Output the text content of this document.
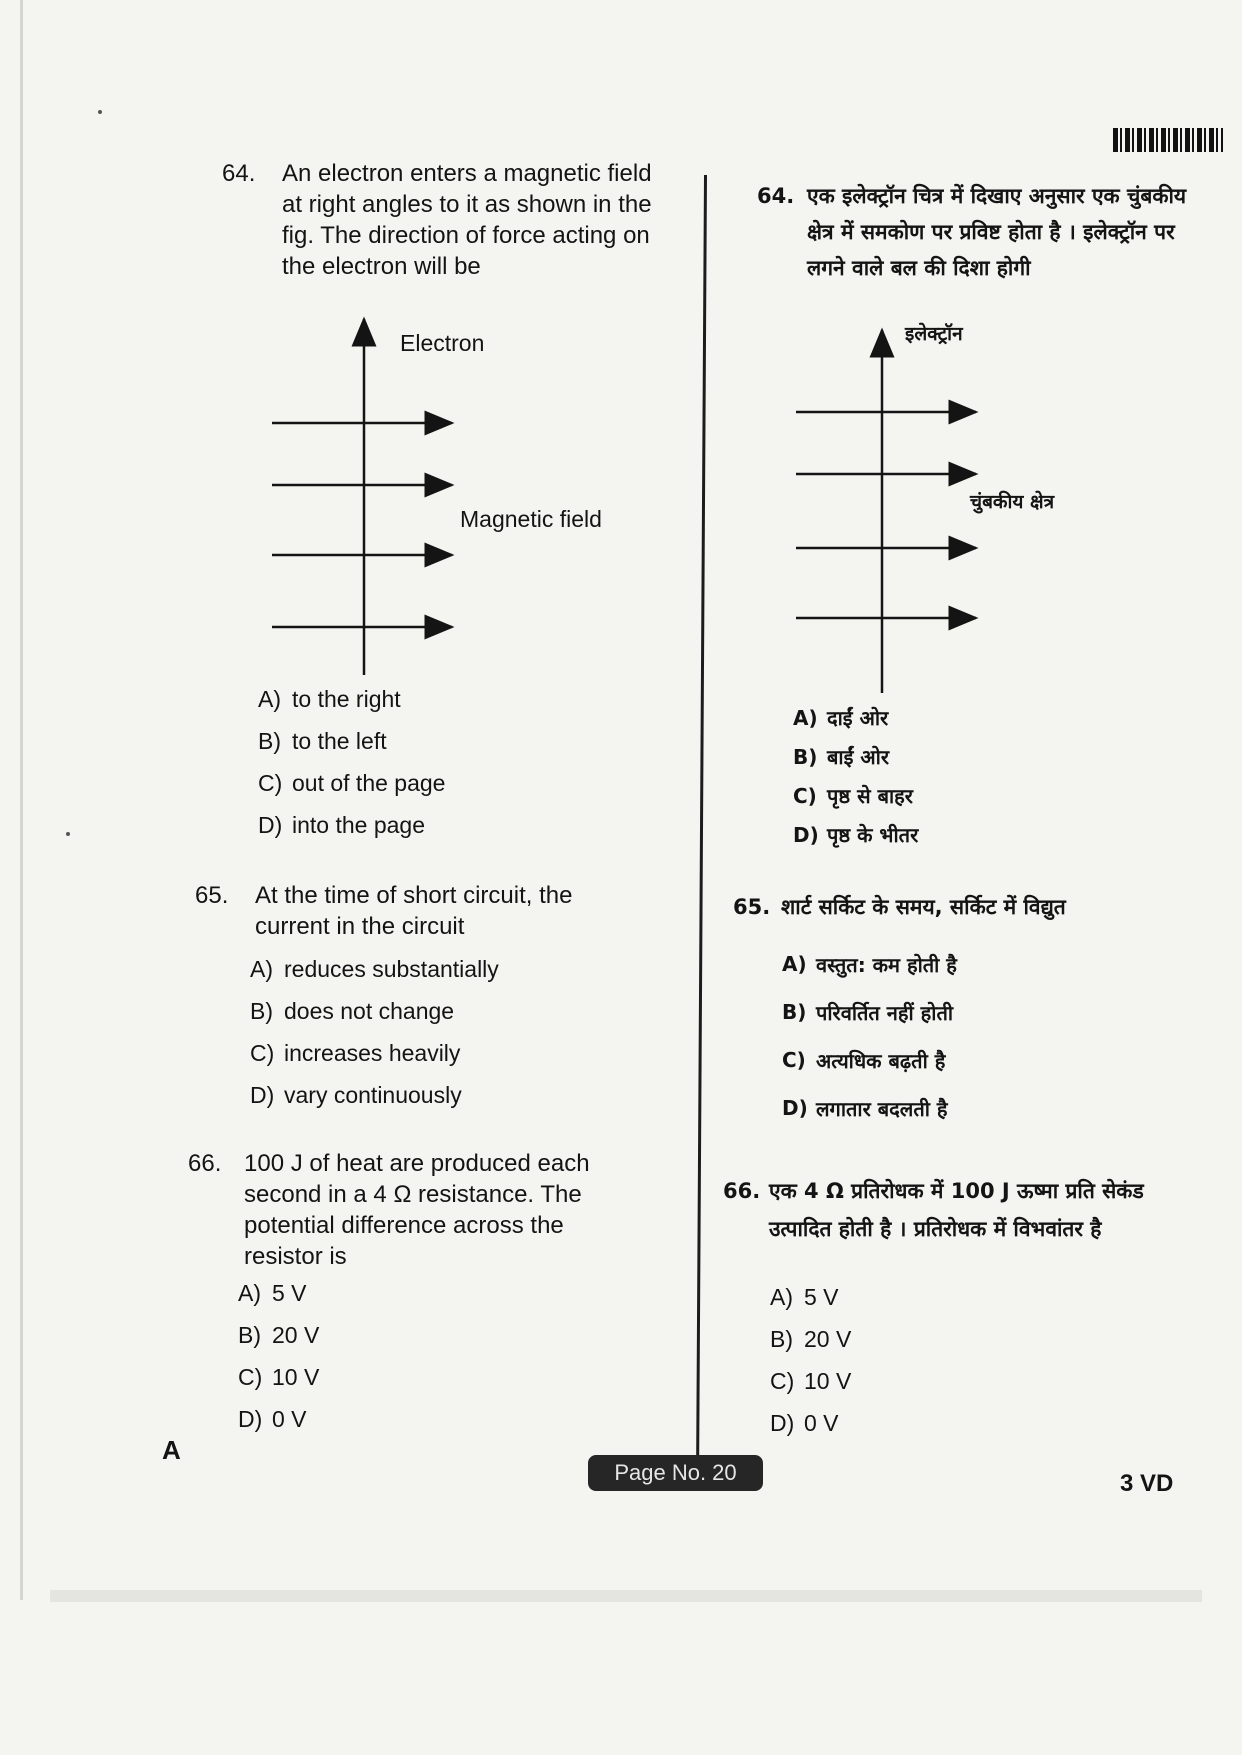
64. An electron enters a magnetic field at right angles to it as shown in the fig. The direction of force acting on the electron will be
Electron
Magnetic field
A) to the right
B) to the left
C) out of the page
D) into the page
65. At the time of short circuit, the current in the circuit
A) reduces substantially
B) does not change
C) increases heavily
D) vary continuously
66. 100 J of heat are produced each second in a 4 Ω resistance. The potential difference across the resistor is
A) 5 V
B) 20 V
C) 10 V
D) 0 V
64. एक इलेक्ट्रॉन चित्र में दिखाए अनुसार एक चुंबकीय क्षेत्र में समकोण पर प्रविष्ट होता है । इलेक्ट्रॉन पर लगने वाले बल की दिशा होगी
इलेक्ट्रॉन
चुंबकीय क्षेत्र
A) दाईं ओर
B) बाईं ओर
C) पृष्ठ से बाहर
D) पृष्ठ के भीतर
65. शार्ट सर्किट के समय, सर्किट में विद्युत
A) वस्तुत: कम होती है
B) परिवर्तित नहीं होती
C) अत्यधिक बढ़ती है
D) लगातार बदलती है
66. एक 4 Ω प्रतिरोधक में 100 J ऊष्मा प्रति सेकंड उत्पादित होती है । प्रतिरोधक में विभवांतर है
A) 5 V
B) 20 V
C) 10 V
D) 0 V
A
Page No. 20	3 VD
